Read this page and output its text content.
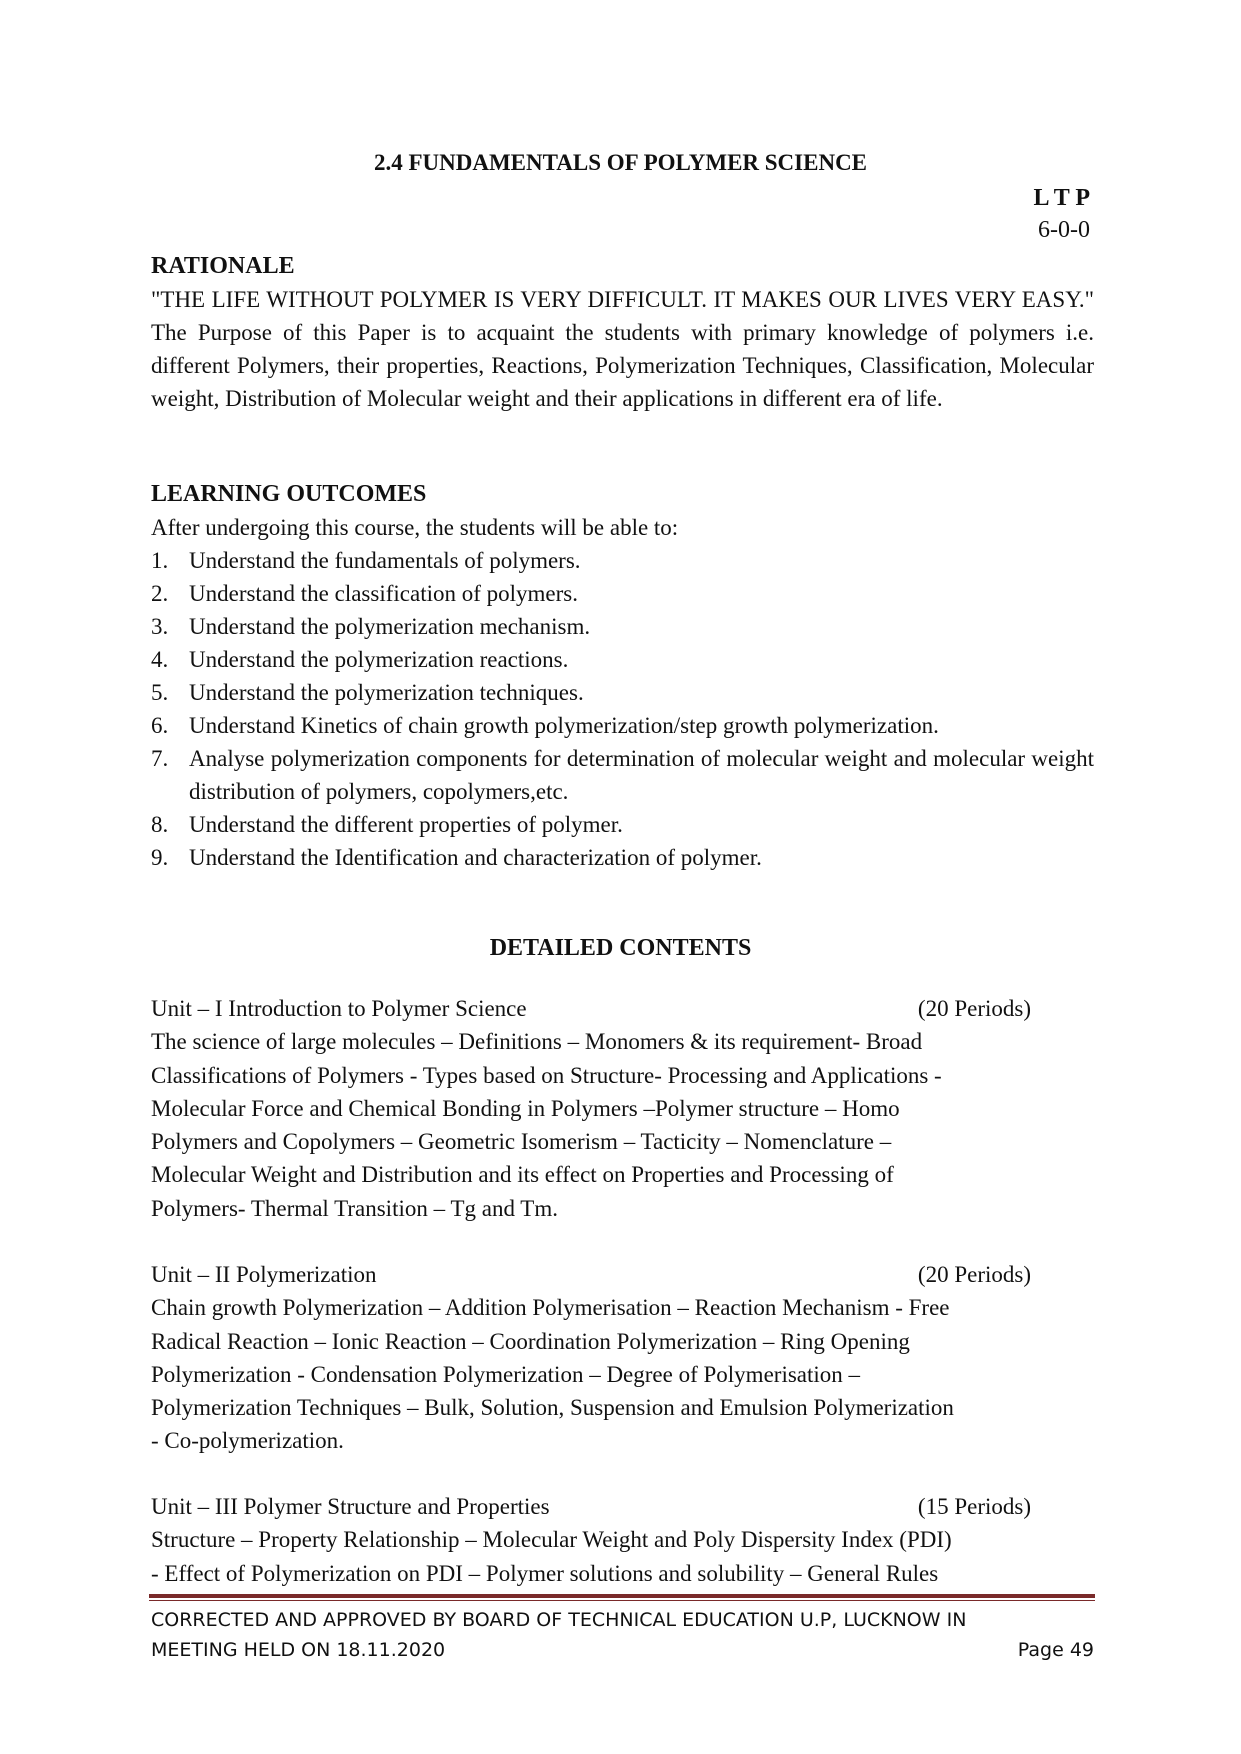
2.4 FUNDAMENTALS OF POLYMER SCIENCE
L T P
6-0-0
RATIONALE
"THE LIFE WITHOUT POLYMER IS VERY DIFFICULT. IT MAKES OUR LIVES VERY EASY." The Purpose of this Paper is to acquaint the students with primary knowledge of polymers i.e. different Polymers, their properties, Reactions, Polymerization Techniques, Classification, Molecular weight, Distribution of Molecular weight and their applications in different era of life.
LEARNING OUTCOMES
After undergoing this course, the students will be able to:
1. Understand the fundamentals of polymers.
2. Understand the classification of polymers.
3. Understand the polymerization mechanism.
4. Understand the polymerization reactions.
5. Understand the polymerization techniques.
6. Understand Kinetics of chain growth polymerization/step growth polymerization.
7. Analyse polymerization components for determination of molecular weight and molecular weight distribution of polymers, copolymers,etc.
8. Understand the different properties of polymer.
9. Understand the Identification and characterization of polymer.
DETAILED CONTENTS
Unit – I Introduction to Polymer Science	(20 Periods)
The science of large molecules – Definitions – Monomers & its requirement- Broad
Classifications of Polymers - Types based on Structure- Processing and Applications -
Molecular Force and Chemical Bonding in Polymers –Polymer structure – Homo
Polymers and Copolymers – Geometric Isomerism – Tacticity – Nomenclature –
Molecular Weight and Distribution and its effect on Properties and Processing of
Polymers- Thermal Transition – Tg and Tm.
Unit – II Polymerization	(20 Periods)
Chain growth Polymerization – Addition Polymerisation – Reaction Mechanism - Free
Radical Reaction – Ionic Reaction – Coordination Polymerization – Ring Opening
Polymerization - Condensation Polymerization – Degree of Polymerisation –
Polymerization Techniques – Bulk, Solution, Suspension and Emulsion Polymerization
- Co-polymerization.
Unit – III Polymer Structure and Properties	(15 Periods)
Structure – Property Relationship – Molecular Weight and Poly Dispersity Index (PDI)
- Effect of Polymerization on PDI – Polymer solutions and solubility – General Rules
CORRECTED AND APPROVED BY BOARD OF TECHNICAL EDUCATION U.P, LUCKNOW IN
MEETING HELD ON 18.11.2020	Page 49
